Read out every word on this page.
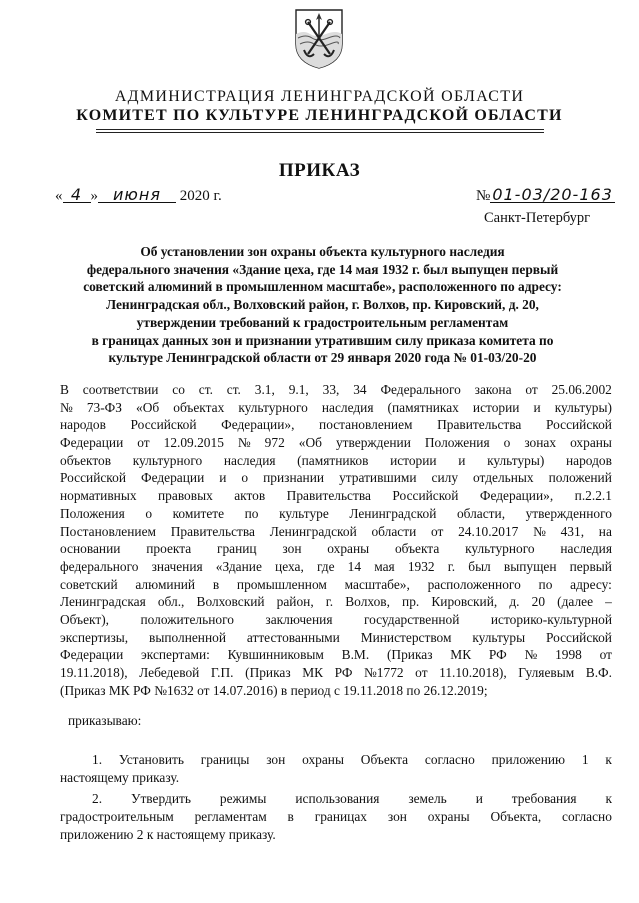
АДМИНИСТРАЦИЯ ЛЕНИНГРАДСКОЙ ОБЛАСТИ
КОМИТЕТ ПО КУЛЬТУРЕ ЛЕНИНГРАДСКОЙ ОБЛАСТИ
ПРИКАЗ
« 4 » июня 2020 г.	№ 01-03/20-163
Санкт-Петербург
Об установлении зон охраны объекта культурного наследия
федерального значения «Здание цеха, где 14 мая 1932 г. был выпущен первый
советский алюминий в промышленном масштабе», расположенного по адресу:
Ленинградская обл., Волховский район, г. Волхов, пр. Кировский, д. 20,
утверждении требований к градостроительным регламентам
в границах данных зон и признании утратившим силу приказа комитета по
культуре Ленинградской области от 29 января 2020 года № 01-03/20-20
В соответствии со ст. ст. 3.1, 9.1, 33, 34 Федерального закона от 25.06.2002
№ 73-ФЗ «Об объектах культурного наследия (памятниках истории и культуры)
народов Российской Федерации», постановлением Правительства Российской
Федерации от 12.09.2015 № 972 «Об утверждении Положения о зонах охраны
объектов культурного наследия (памятников истории и культуры) народов
Российской Федерации и о признании утратившими силу отдельных положений
нормативных правовых актов Правительства Российской Федерации», п.2.2.1
Положения о комитете по культуре Ленинградской области, утвержденного
Постановлением Правительства Ленинградской области от 24.10.2017 № 431, на
основании проекта границ зон охраны объекта культурного наследия
федерального значения «Здание цеха, где 14 мая 1932 г. был выпущен первый
советский алюминий в промышленном масштабе», расположенного по адресу:
Ленинградская обл., Волховский район, г. Волхов, пр. Кировский, д. 20 (далее –
Объект), положительного заключения государственной историко-культурной
экспертизы, выполненной аттестованными Министерством культуры Российской
Федерации экспертами: Кувшинниковым В.М. (Приказ МК РФ № 1998 от
19.11.2018), Лебедевой Г.П. (Приказ МК РФ №1772 от 11.10.2018), Гуляевым В.Ф.
(Приказ МК РФ №1632 от 14.07.2016) в период с 19.11.2018 по 26.12.2019;
приказываю:
1. Установить границы зон охраны Объекта согласно приложению 1 к
настоящему приказу.
2. Утвердить режимы использования земель и требования к
градостроительным регламентам в границах зон охраны Объекта, согласно
приложению 2 к настоящему приказу.
